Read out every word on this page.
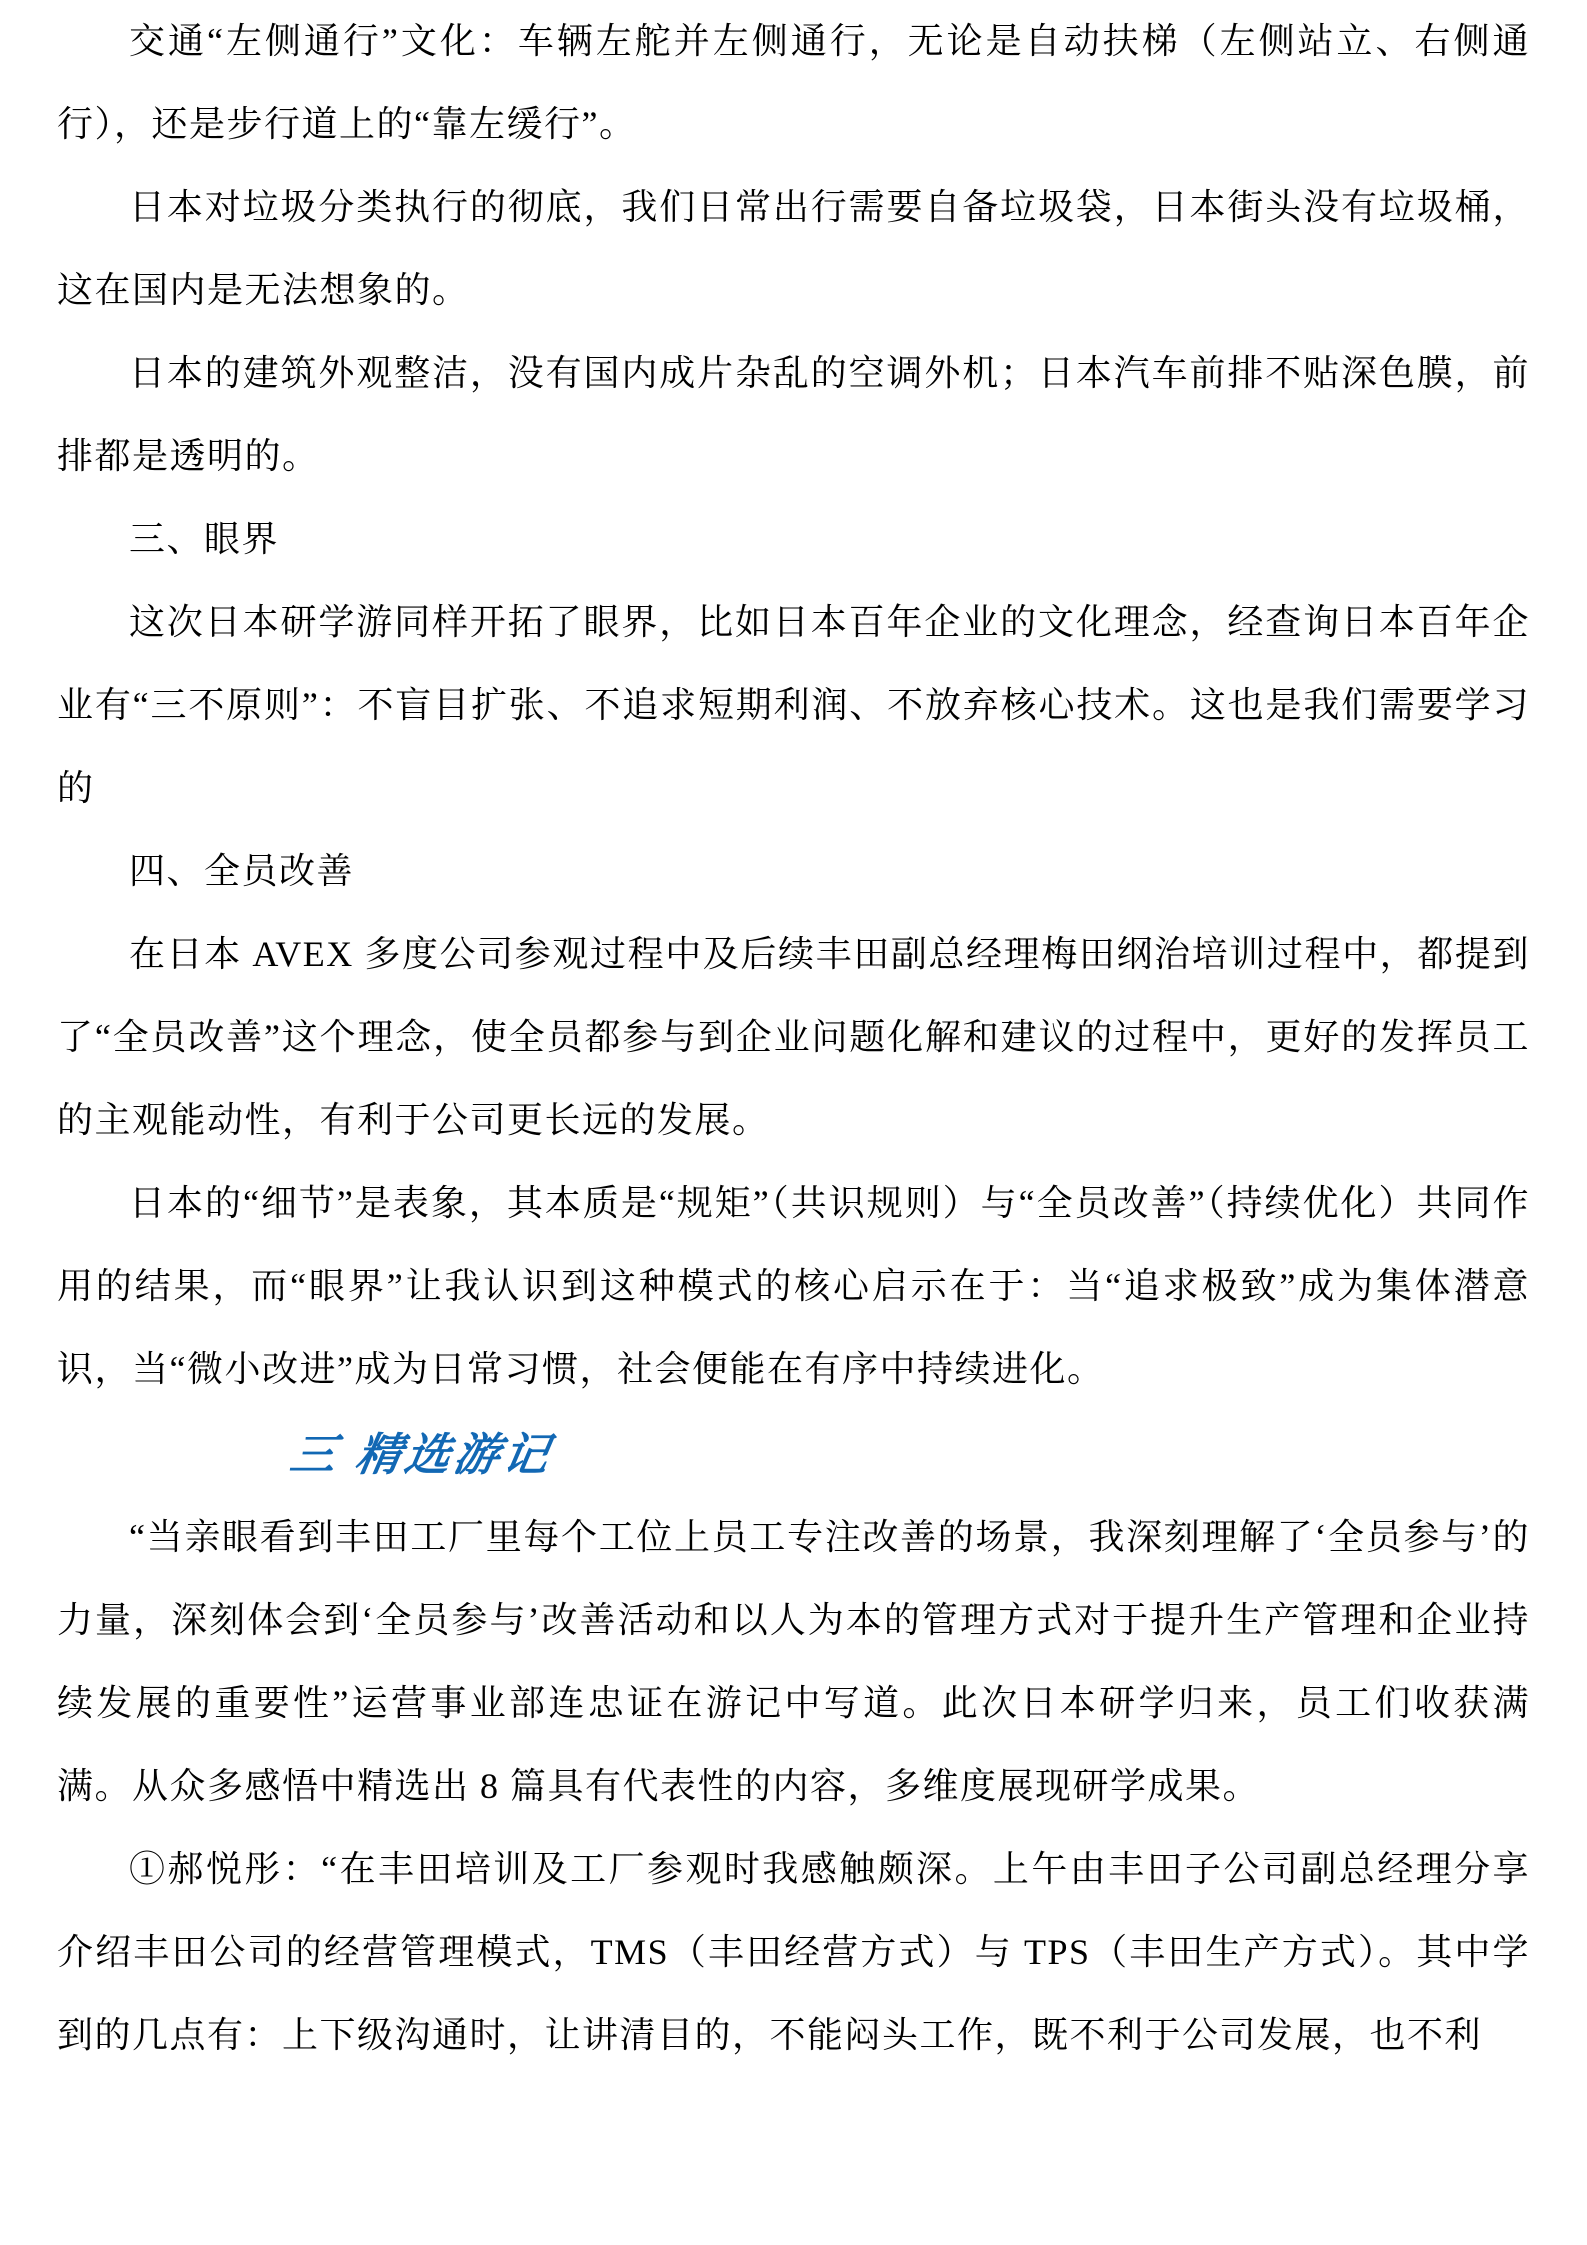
交通“左侧通行”文化：车辆左舵并左侧通行，无论是自动扶梯（左侧站立、右侧通行），还是步行道上的“靠左缓行”。

日本对垃圾分类执行的彻底，我们日常出行需要自备垃圾袋，日本街头没有垃圾桶，这在国内是无法想象的。

日本的建筑外观整洁，没有国内成片杂乱的空调外机；日本汽车前排不贴深色膜，前排都是透明的。

三、眼界

这次日本研学游同样开拓了眼界，比如日本百年企业的文化理念，经查询日本百年企业有“三不原则”：不盲目扩张、不追求短期利润、不放弃核心技术。这也是我们需要学习的

四、全员改善

在日本 AVEX 多度公司参观过程中及后续丰田副总经理梅田纲治培训过程中，都提到了“全员改善”这个理念，使全员都参与到企业问题化解和建议的过程中，更好的发挥员工的主观能动性，有利于公司更长远的发展。

日本的“细节”是表象，其本质是“规矩”（共识规则）与“全员改善”（持续优化）共同作用的结果，而“眼界”让我认识到这种模式的核心启示在于：当“追求极致”成为集体潜意识，当“微小改进”成为日常习惯，社会便能在有序中持续进化。

三 精选游记

“当亲眼看到丰田工厂里每个工位上员工专注改善的场景，我深刻理解了‘全员参与’的力量，深刻体会到‘全员参与’改善活动和以人为本的管理方式对于提升生产管理和企业持续发展的重要性”运营事业部连忠证在游记中写道。此次日本研学归来，员工们收获满满。从众多感悟中精选出 8 篇具有代表性的内容，多维度展现研学成果。

①郝悦彤：“在丰田培训及工厂参观时我感触颇深。上午由丰田子公司副总经理分享介绍丰田公司的经营管理模式，TMS（丰田经营方式）与 TPS（丰田生产方式）。其中学到的几点有：上下级沟通时，让讲清目的，不能闷头工作，既不利于公司发展，也不利
